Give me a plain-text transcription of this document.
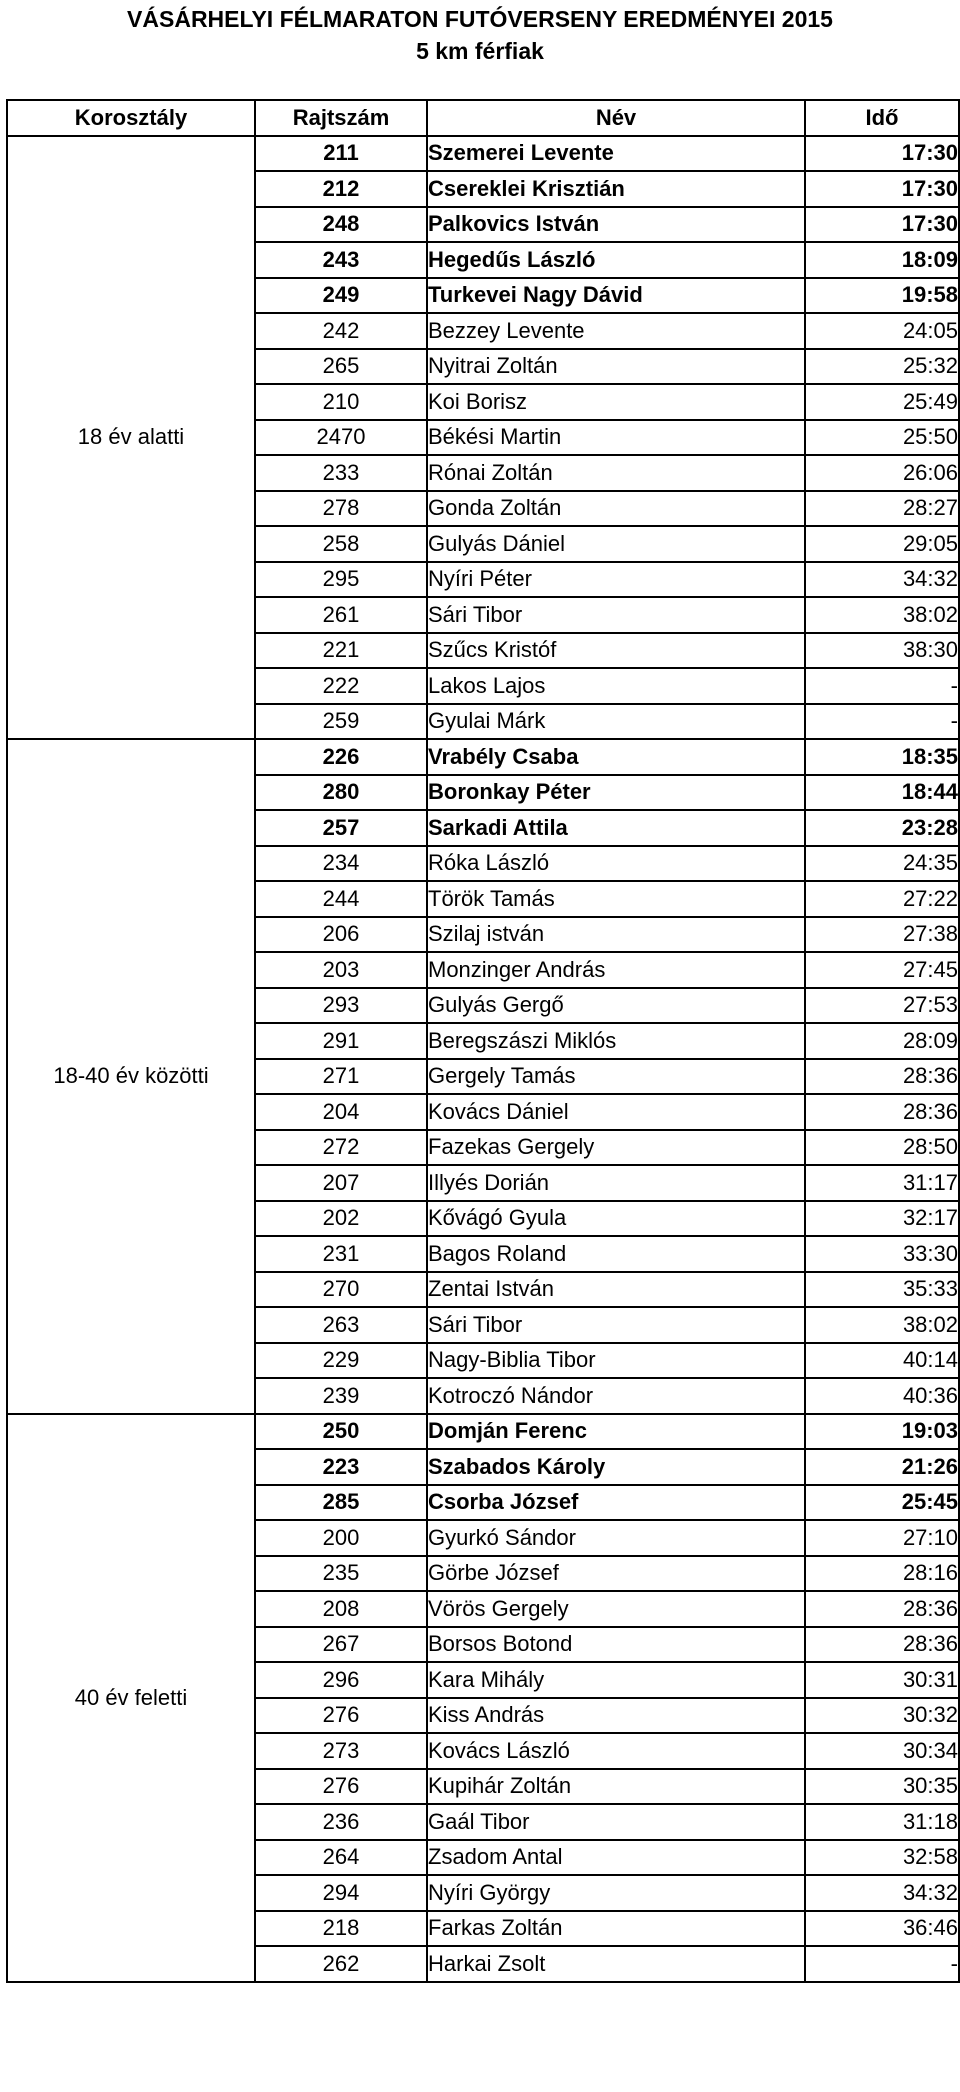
VÁSÁRHELYI FÉLMARATON FUTÓVERSENY EREDMÉNYEI 2015
5 km férfiak
Korosztály	Rajtszám	Név	Idő
18 év alatti	211	Szemerei Levente	17:30
	212	Csereklei Krisztián	17:30
	248	Palkovics István	17:30
	243	Hegedűs László	18:09
	249	Turkevei Nagy Dávid	19:58
	242	Bezzey Levente	24:05
	265	Nyitrai Zoltán	25:32
	210	Koi Borisz	25:49
	2470	Békési Martin	25:50
	233	Rónai Zoltán	26:06
	278	Gonda Zoltán	28:27
	258	Gulyás Dániel	29:05
	295	Nyíri Péter	34:32
	261	Sári Tibor	38:02
	221	Szűcs Kristóf	38:30
	222	Lakos Lajos	-
	259	Gyulai Márk	-
18-40 év közötti	226	Vrabély Csaba	18:35
	280	Boronkay Péter	18:44
	257	Sarkadi Attila	23:28
	234	Róka László	24:35
	244	Török Tamás	27:22
	206	Szilaj istván	27:38
	203	Monzinger András	27:45
	293	Gulyás Gergő	27:53
	291	Beregszászi Miklós	28:09
	271	Gergely Tamás	28:36
	204	Kovács Dániel	28:36
	272	Fazekas Gergely	28:50
	207	Illyés Dorián	31:17
	202	Kővágó Gyula	32:17
	231	Bagos Roland	33:30
	270	Zentai István	35:33
	263	Sári Tibor	38:02
	229	Nagy-Biblia Tibor	40:14
	239	Kotroczó Nándor	40:36
40 év feletti	250	Domján Ferenc	19:03
	223	Szabados Károly	21:26
	285	Csorba József	25:45
	200	Gyurkó Sándor	27:10
	235	Görbe József	28:16
	208	Vörös Gergely	28:36
	267	Borsos Botond	28:36
	296	Kara Mihály	30:31
	276	Kiss András	30:32
	273	Kovács László	30:34
	276	Kupihár Zoltán	30:35
	236	Gaál Tibor	31:18
	264	Zsadom Antal	32:58
	294	Nyíri György	34:32
	218	Farkas Zoltán	36:46
	262	Harkai Zsolt	-
